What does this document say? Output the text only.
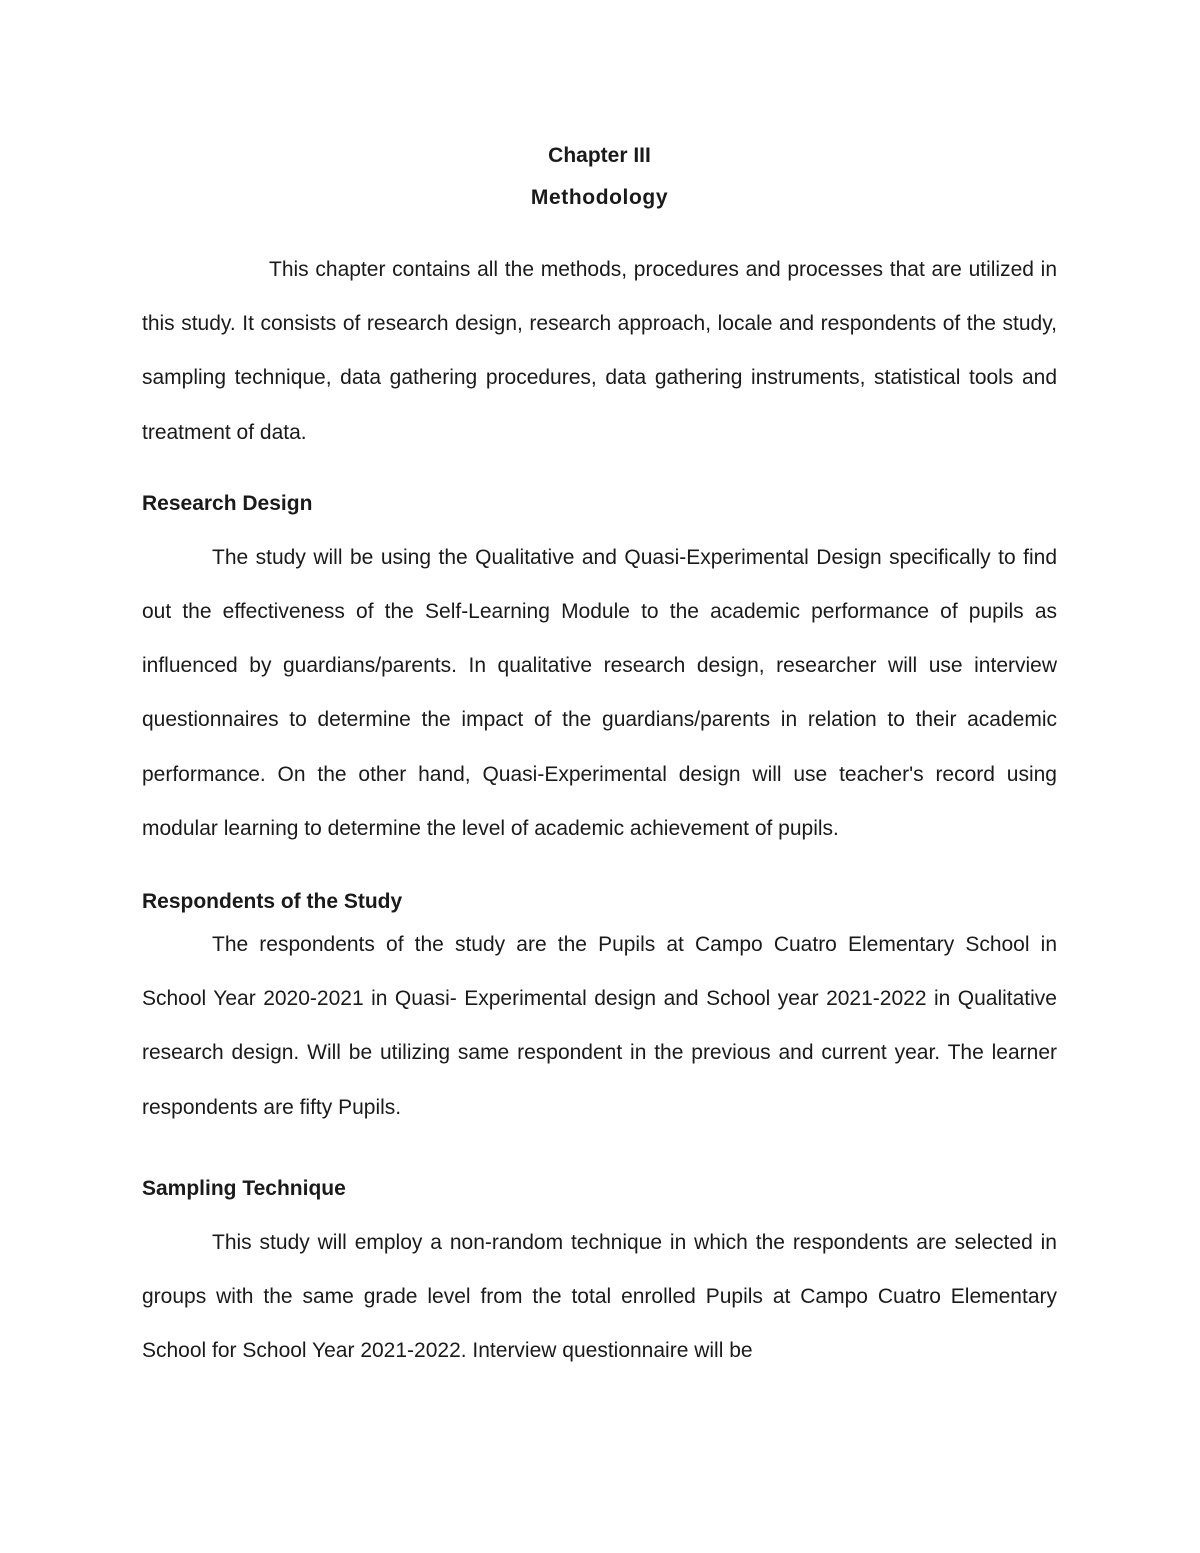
Chapter III

Methodology

This chapter contains all the methods, procedures and processes that are utilized in this study. It consists of research design, research approach, locale and respondents of the study, sampling technique, data gathering procedures, data gathering instruments, statistical tools and treatment of data.

Research Design

The study will be using the Qualitative and Quasi-Experimental Design specifically to find out the effectiveness of the Self-Learning Module to the academic performance of pupils as influenced by guardians/parents. In qualitative research design, researcher will use interview questionnaires to determine the impact of the guardians/parents in relation to their academic performance. On the other hand, Quasi-Experimental design will use teacher's record using modular learning to determine the level of academic achievement of pupils.

Respondents of the Study

The respondents of the study are the Pupils at Campo Cuatro Elementary School in School Year 2020-2021 in Quasi- Experimental design and School year 2021-2022 in Qualitative research design. Will be utilizing same respondent in the previous and current year. The learner respondents are fifty Pupils.

Sampling Technique

This study will employ a non-random technique in which the respondents are selected in groups with the same grade level from the total enrolled Pupils at Campo Cuatro Elementary School for School Year 2021-2022. Interview questionnaire will be
